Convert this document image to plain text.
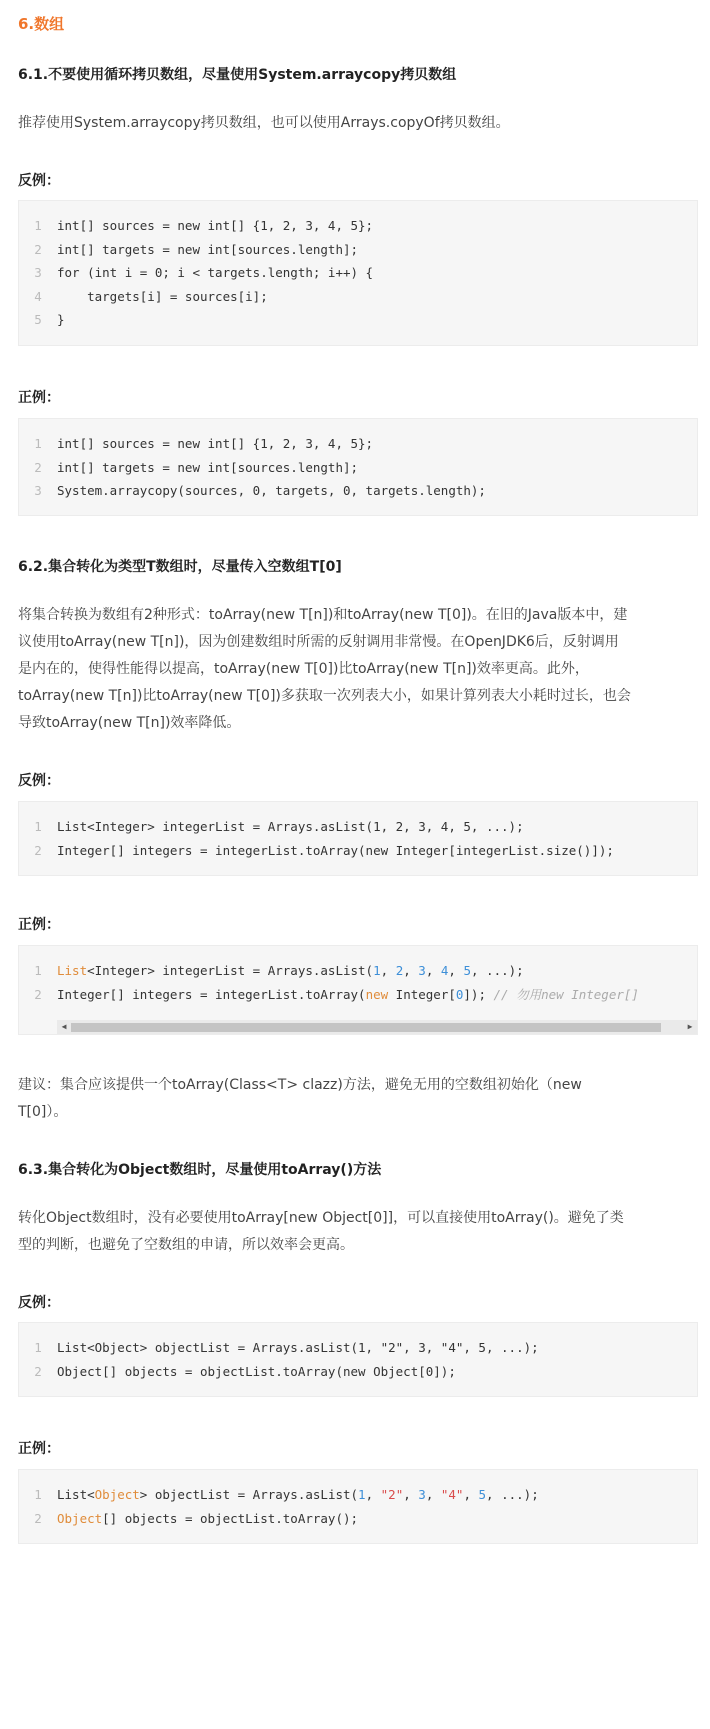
6.数组
6.1.不要使用循环拷贝数组，尽量使用System.arraycopy拷贝数组
推荐使用System.arraycopy拷贝数组，也可以使用Arrays.copyOf拷贝数组。
反例：
1 int[] sources = new int[] {1, 2, 3, 4, 5};
2 int[] targets = new int[sources.length];
3 for (int i = 0; i < targets.length; i++) {
4    targets[i] = sources[i];
5 }
正例：
1 int[] sources = new int[] {1, 2, 3, 4, 5};
2 int[] targets = new int[sources.length];
3 System.arraycopy(sources, 0, targets, 0, targets.length);
6.2.集合转化为类型T数组时，尽量传入空数组T[0]
将集合转换为数组有2种形式：toArray(new T[n])和toArray(new T[0])。在旧的Java版本中，建
议使用toArray(new T[n])，因为创建数组时所需的反射调用非常慢。在OpenJDK6后，反射调用
是内在的，使得性能得以提高，toArray(new T[0])比toArray(new T[n])效率更高。此外，
toArray(new T[n])比toArray(new T[0])多获取一次列表大小，如果计算列表大小耗时过长，也会
导致toArray(new T[n])效率降低。
反例：
1 List<Integer> integerList = Arrays.asList(1, 2, 3, 4, 5, ...);
2 Integer[] integers = integerList.toArray(new Integer[integerList.size()]);
正例：
1 List<Integer> integerList = Arrays.asList(1, 2, 3, 4, 5, ...);
2 Integer[] integers = integerList.toArray(new Integer[0]); // 勿用new Integer[]
◀	▶
建议：集合应该提供一个toArray(Class<T> clazz)方法，避免无用的空数组初始化（new
T[0]）。
6.3.集合转化为Object数组时，尽量使用toArray()方法
转化Object数组时，没有必要使用toArray[new Object[0]]，可以直接使用toArray()。避免了类
型的判断，也避免了空数组的申请，所以效率会更高。
反例：
1 List<Object> objectList = Arrays.asList(1, "2", 3, "4", 5, ...);
2 Object[] objects = objectList.toArray(new Object[0]);
正例：
1 List<Object> objectList = Arrays.asList(1, "2", 3, "4", 5, ...);
2 Object[] objects = objectList.toArray();
